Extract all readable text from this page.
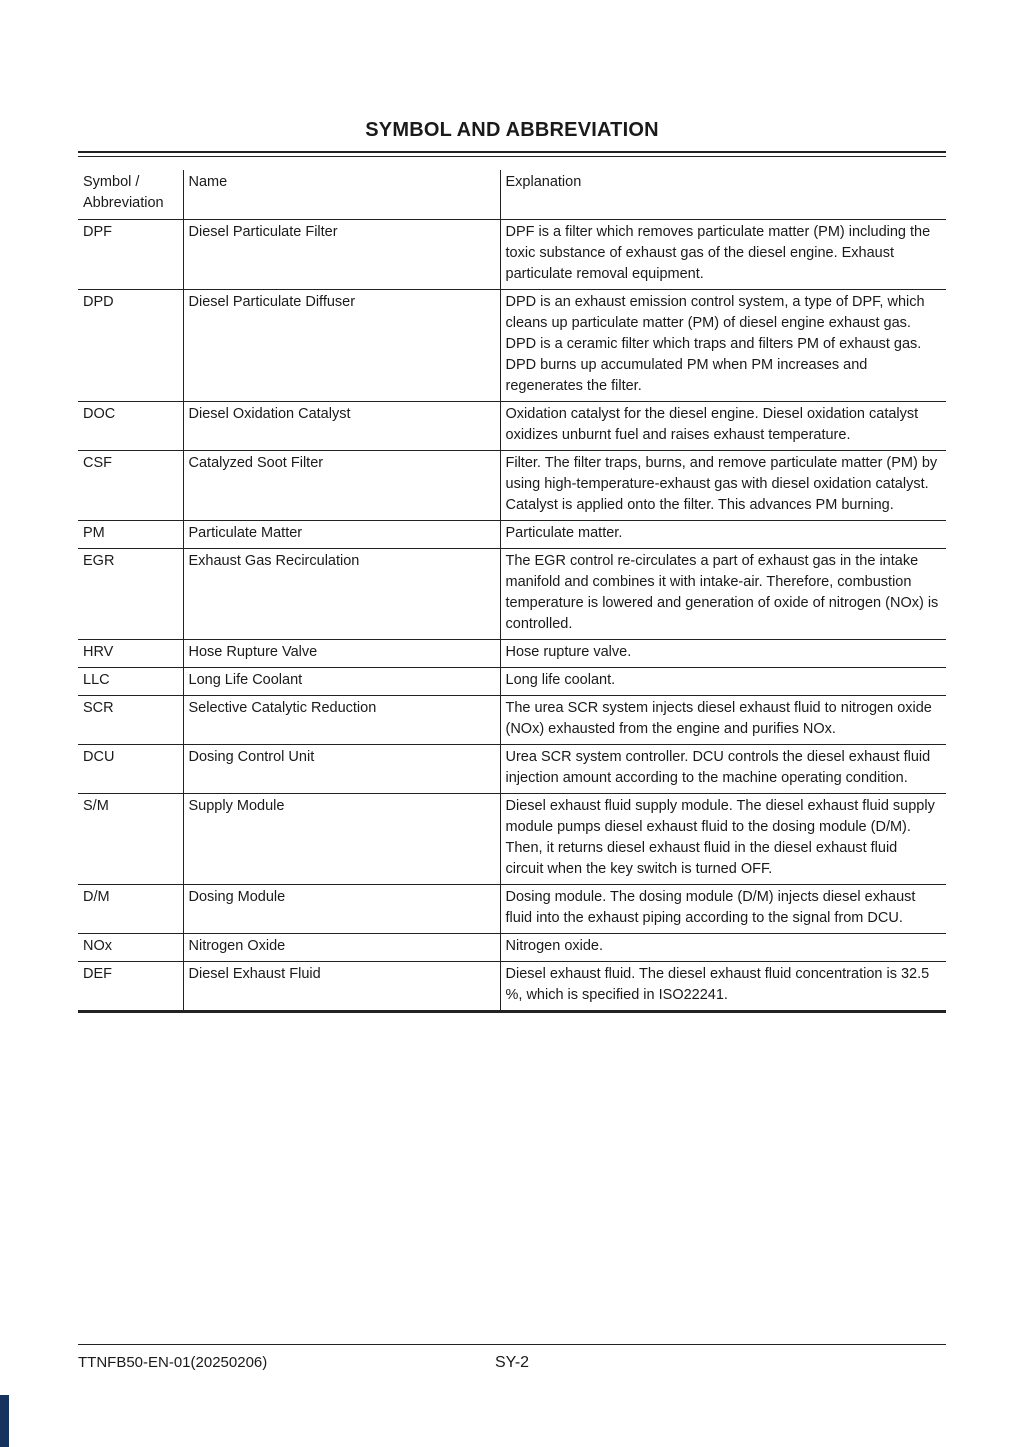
SYMBOL AND ABBREVIATION
Symbol / Abbreviation	Name	Explanation
DPF	Diesel Particulate Filter	DPF is a filter which removes particulate matter (PM) including the toxic substance of exhaust gas of the diesel engine. Exhaust particulate removal equipment.
DPD	Diesel Particulate Diffuser	DPD is an exhaust emission control system, a type of DPF, which cleans up particulate matter (PM) of diesel engine exhaust gas. DPD is a ceramic filter which traps and filters PM of exhaust gas. DPD burns up accumulated PM when PM increases and regenerates the filter.
DOC	Diesel Oxidation Catalyst	Oxidation catalyst for the diesel engine. Diesel oxidation catalyst oxidizes unburnt fuel and raises exhaust temperature.
CSF	Catalyzed Soot Filter	Filter. The filter traps, burns, and remove particulate matter (PM) by using high-temperature-exhaust gas with diesel oxidation catalyst. Catalyst is applied onto the filter. This advances PM burning.
PM	Particulate Matter	Particulate matter.
EGR	Exhaust Gas Recirculation	The EGR control re-circulates a part of exhaust gas in the intake manifold and combines it with intake-air. Therefore, combustion temperature is lowered and generation of oxide of nitrogen (NOx) is controlled.
HRV	Hose Rupture Valve	Hose rupture valve.
LLC	Long Life Coolant	Long life coolant.
SCR	Selective Catalytic Reduction	The urea SCR system injects diesel exhaust fluid to nitrogen oxide (NOx) exhausted from the engine and purifies NOx.
DCU	Dosing Control Unit	Urea SCR system controller. DCU controls the diesel exhaust fluid injection amount according to the machine operating condition.
S/M	Supply Module	Diesel exhaust fluid supply module. The diesel exhaust fluid supply module pumps diesel exhaust fluid to the dosing module (D/M). Then, it returns diesel exhaust fluid in the diesel exhaust fluid circuit when the key switch is turned OFF.
D/M	Dosing Module	Dosing module. The dosing module (D/M) injects diesel exhaust fluid into the exhaust piping according to the signal from DCU.
NOx	Nitrogen Oxide	Nitrogen oxide.
DEF	Diesel Exhaust Fluid	Diesel exhaust fluid. The diesel exhaust fluid concentration is 32.5 %, which is specified in ISO22241.
TTNFB50-EN-01(20250206)	SY-2
